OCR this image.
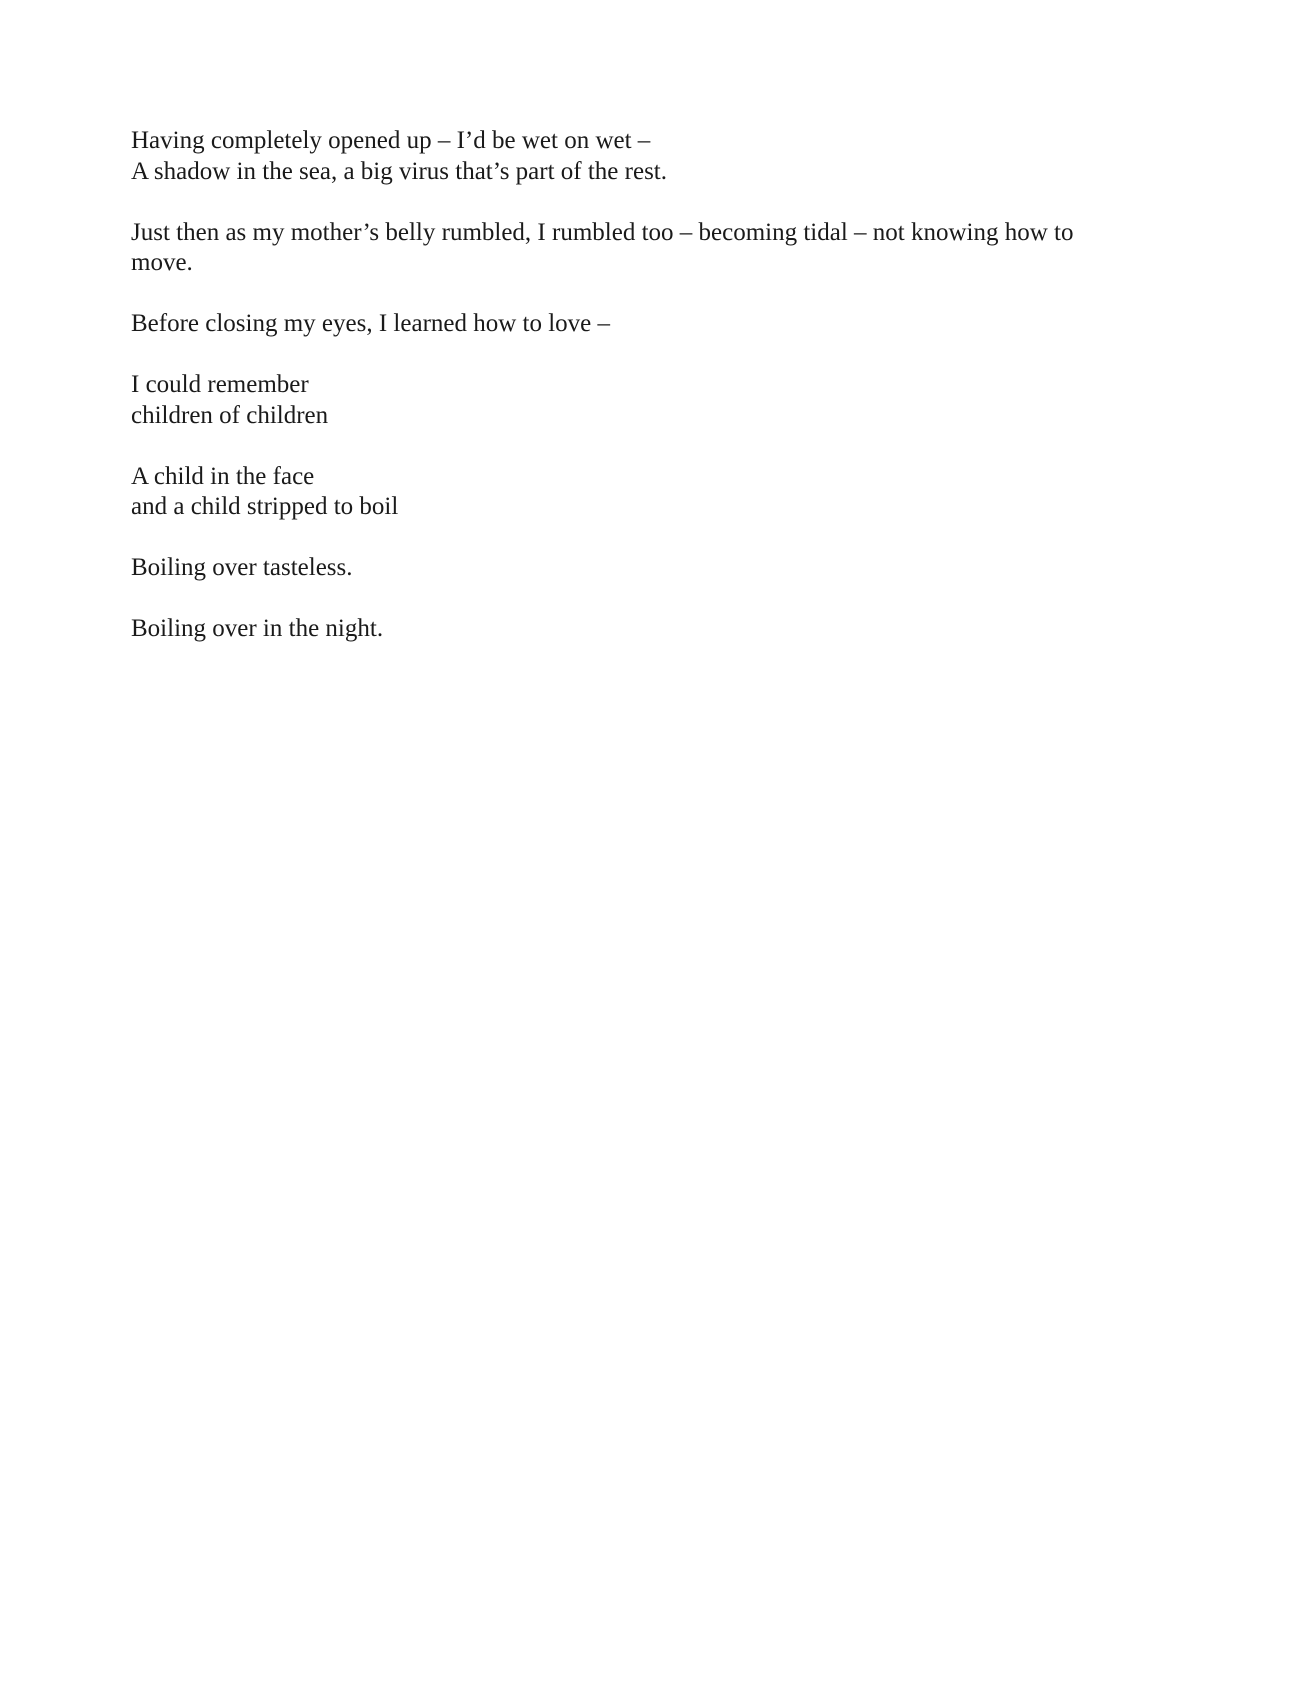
Having completely opened up – I’d be wet on wet –
A shadow in the sea, a big virus that’s part of the rest.
Just then as my mother’s belly rumbled, I rumbled too – becoming tidal – not knowing how to move.
Before closing my eyes, I learned how to love –
I could remember
children of children
A child in the face
and a child stripped to boil
Boiling over tasteless.
Boiling over in the night.
